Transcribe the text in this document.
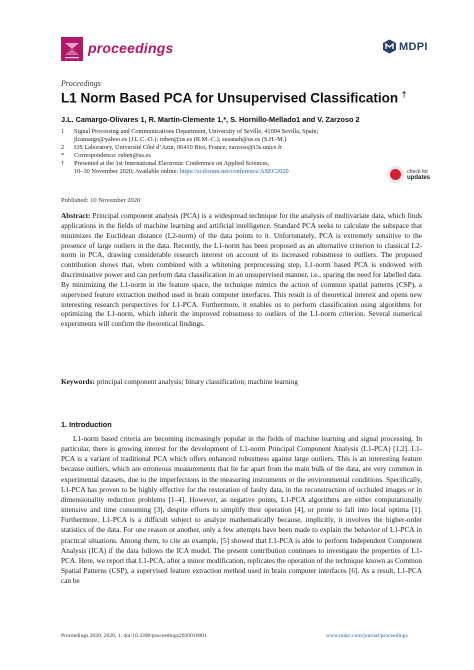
proceedings	MDPI
Proceedings
L1 Norm Based PCA for Unsupervised Classification †
J.L. Camargo-Olivares 1, R. Martín-Clemente 1,*, S. Hornillo-Mellado1 and V. Zarzoso 2
1 Signal Processing and Communications Department, University of Seville, 41004 Sevilla, Spain;
jlcamargo@yahoo.es (J.L.C.-O.); ruben@us.es (R.M.-C.); susanah@us.es (S.H.-M.)
2 I3S Laboratory, Université Côté d’Azur, 06410 Biot, France; zarzoso@i3s.unice.fr
* Correspondence: ruben@us.es
† Presented at the 1st International Electronic Conference on Applied Sciences,
10–30 November 2020; Available online: https://sciforum.net/conference/ASEC2020	check for
updates
Published: 10 November 2020
Abstract: Principal component analysis (PCA) is a widespread technique for the analysis of multivariate data, which finds applications in the fields of machine learning and artificial intelligence. Standard PCA seeks to calculate the subspace that minimizes the Euclidean distance (L2-norm) of the data points to it. Unfortunately, PCA is extremely sensitive to the presence of large outliers in the data. Recently, the L1-norm has been proposed as an alternative criterion to classical L2-norm in PCA, drawing considerable research interest on account of its increased robustness to outliers. The proposed contribution shows that, when combined with a whitening preprocessing step, L1-norm based PCA is endowed with discriminative power and can perform data classification in an unsupervised manner, i.e., sparing the need for labelled data. By minimizing the L1-norm in the feature space, the technique mimics the action of common spatial patterns (CSP), a supervised feature extraction method used in brain computer interfaces. This result is of theoretical interest and opens new interesting research perspectives for L1-PCA. Furthermore, it enables us to perform classification using algorithms for optimizing the L1-norm, which inherit the improved robustness to outliers of the L1-norm criterion. Several numerical experiments will confirm the theoretical findings.
Keywords: principal component analysis; binary classification; machine learning
1. Introduction
L1-norm based criteria are becoming increasingly popular in the fields of machine learning and signal processing. In particular, there is growing interest for the development of L1-norm Principal Component Analysis (L1-PCA) [1,2]. L1-PCA is a variant of traditional PCA which offers enhanced robustness against large outliers. This is an interesting feature because outliers, which are erroneous measurements that lie far apart from the main bulk of the data, are very common in experimental datasets, due to the imperfections in the measuring instruments or the environmental conditions. Specifically, L1-PCA has proven to be highly effective for the restoration of faulty data, in the reconstruction of occluded images or in dimensionality reduction problems [1–4]. However, as negative points, L1-PCA algorithms are either computationally intensive and time consuming [3], despite efforts to simplify their operation [4], or prone to fall into local optima [1]. Furthermore, L1-PCA is a difficult subject to analyze mathematically because, implicitly, it involves the higher-order statistics of the data. For one reason or another, only a few attempts have been made to explain the behavior of L1-PCA in practical situations. Among them, to cite an example, [5] showed that L1-PCA is able to perform Independent Component Analysis (ICA) if the data follows the ICA model. The present contribution continues to investigate the properties of L1-PCA. Here, we report that L1-PCA, after a minor modification, replicates the operation of the technique known as Common Spatial Patterns (CSP), a supervised feature extraction method used in brain computer interfaces [6]. As a result, L1-PCA can be
Proceedings 2020, 2020, 1; doi:10.3390/proceedings2020010001	www.mdpi.com/journal/proceedings
